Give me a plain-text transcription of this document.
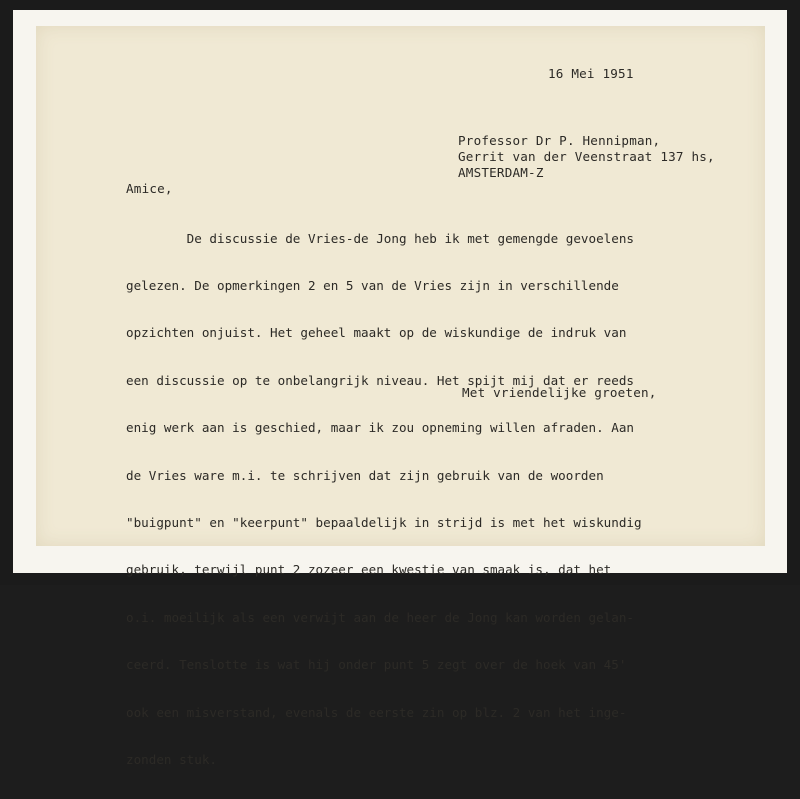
16 Mei 1951
Professor Dr P. Hennipman,
Gerrit van der Veenstraat 137 hs,
AMSTERDAM-Z
Amice,

De discussie de Vries-de Jong heb ik met gemengde gevoelens

gelezen. De opmerkingen 2 en 5 van de Vries zijn in verschillende

opzichten onjuist. Het geheel maakt op de wiskundige de indruk van

een discussie op te onbelangrijk niveau. Het spijt mij dat er reeds

enig werk aan is geschied, maar ik zou opneming willen afraden. Aan

de Vries ware m.i. te schrijven dat zijn gebruik van de woorden

"buigpunt" en "keerpunt" bepaaldelijk in strijd is met het wiskundig

gebruik, terwijl punt 2 zozeer een kwestie van smaak is, dat het

o.i. moeilijk als een verwijt aan de heer de Jong kan worden gelan-

ceerd. Tenslotte is wat hij onder punt 5 zegt over de hoek van 45'

ook een misverstand, evenals de eerste zin op blz. 2 van het inge-

zonden stuk.

Met vriendelijke groeten,
